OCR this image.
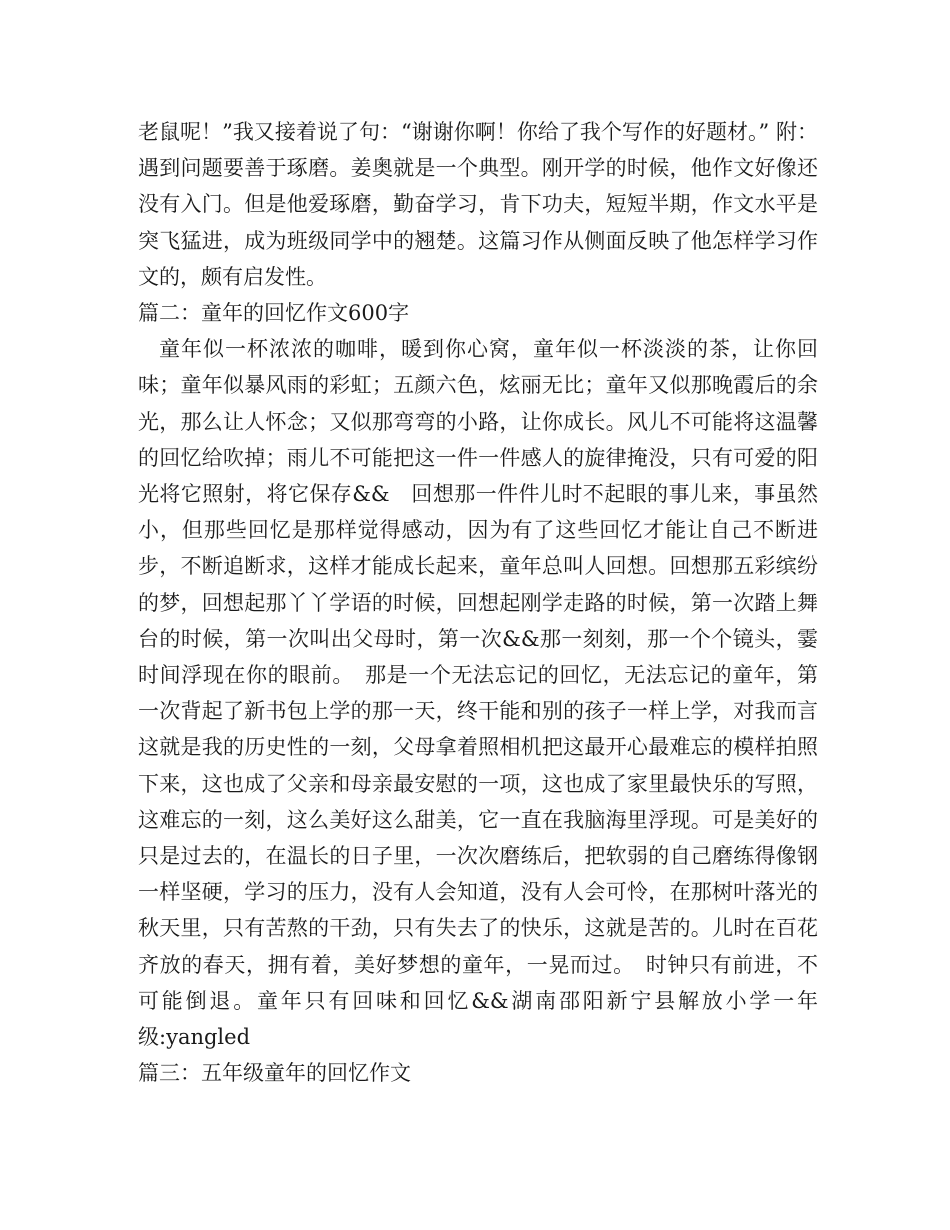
老鼠呢！”我又接着说了句：“谢谢你啊！你给了我个写作的好题材。” 附：遇到问题要善于琢磨。姜奥就是一个典型。刚开学的时候，他作文好像还没有入门。但是他爱琢磨，勤奋学习，肯下功夫，短短半期，作文水平是突飞猛进，成为班级同学中的翘楚。这篇习作从侧面反映了他怎样学习作文的，颇有启发性。

篇二：童年的回忆作文600字

童年似一杯浓浓的咖啡，暖到你心窝，童年似一杯淡淡的茶，让你回味；童年似暴风雨的彩虹；五颜六色，炫丽无比；童年又似那晚霞后的余光，那么让人怀念；又似那弯弯的小路，让你成长。风儿不可能将这温馨的回忆给吹掉；雨儿不可能把这一件一件感人的旋律掩没，只有可爱的阳光将它照射，将它保存&&　回想那一件件儿时不起眼的事儿来，事虽然小，但那些回忆是那样觉得感动，因为有了这些回忆才能让自己不断进步，不断追断求，这样才能成长起来，童年总叫人回想。回想那五彩缤纷的梦，回想起那丫丫学语的时候，回想起刚学走路的时候，第一次踏上舞台的时候，第一次叫出父母时，第一次&&那一刻刻，那一个个镜头，霎时间浮现在你的眼前。　那是一个无法忘记的回忆，无法忘记的童年，第一次背起了新书包上学的那一天，终干能和别的孩子一样上学，对我而言这就是我的历史性的一刻，父母拿着照相机把这最开心最难忘的模样拍照下来，这也成了父亲和母亲最安慰的一项，这也成了家里最快乐的写照，这难忘的一刻，这么美好这么甜美，它一直在我脑海里浮现。可是美好的只是过去的，在温长的日子里，一次次磨练后，把软弱的自己磨练得像钢一样坚硬，学习的压力，没有人会知道，没有人会可怜，在那树叶落光的秋天里，只有苦熬的干劲，只有失去了的快乐，这就是苦的。儿时在百花齐放的春天，拥有着，美好梦想的童年，一晃而过。　时钟只有前进，不可能倒退。童年只有回味和回忆&&湖南邵阳新宁县解放小学一年级:yangled

篇三：五年级童年的回忆作文
